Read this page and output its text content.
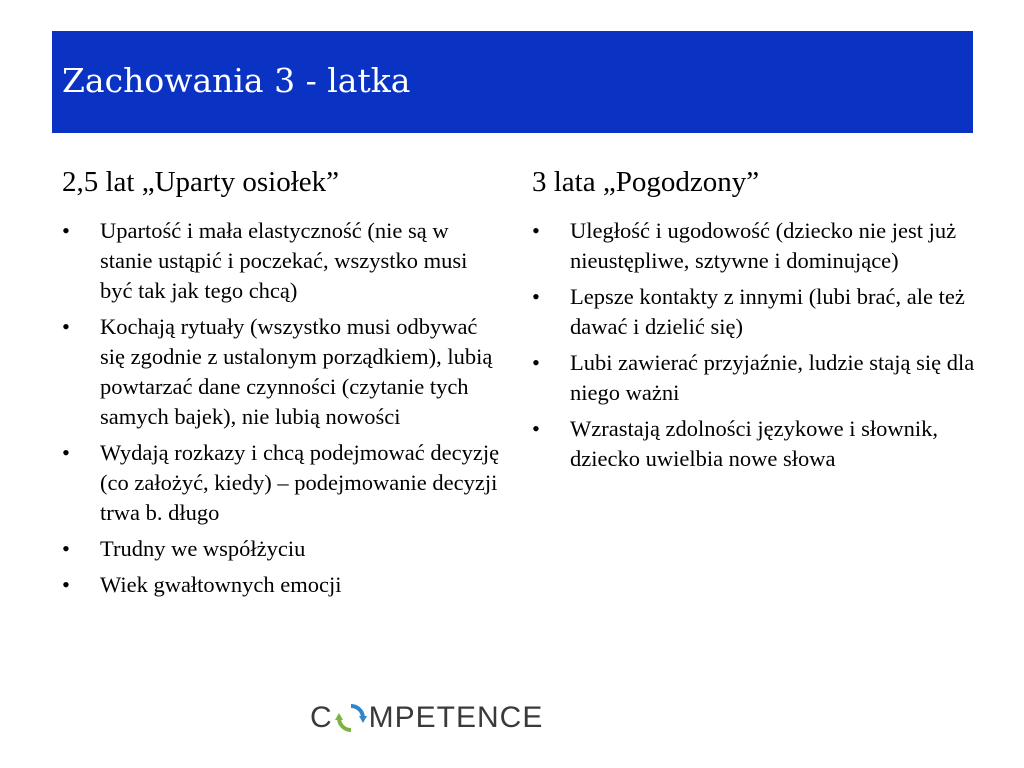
Zachowania 3 - latka
2,5 lat „Uparty osiołek”
• Upartość i mała elastyczność (nie są w stanie ustąpić i poczekać, wszystko musi być tak jak tego chcą)
• Kochają rytuały (wszystko musi odbywać się zgodnie z ustalonym porządkiem), lubią powtarzać dane czynności (czytanie tych samych bajek), nie lubią nowości
• Wydają rozkazy i chcą podejmować decyzję (co założyć, kiedy) – podejmowanie decyzji trwa b. długo
• Trudny we współżyciu
• Wiek gwałtownych emocji
3 lata „Pogodzony”
• Uległość i ugodowość (dziecko nie jest już nieustępliwe, sztywne i dominujące)
• Lepsze kontakty z innymi (lubi brać, ale też dawać i dzielić się)
• Lubi zawierać przyjaźnie, ludzie stają się dla niego ważni
• Wzrastają zdolności językowe i słownik, dziecko uwielbia nowe słowa
C MPETENCE
